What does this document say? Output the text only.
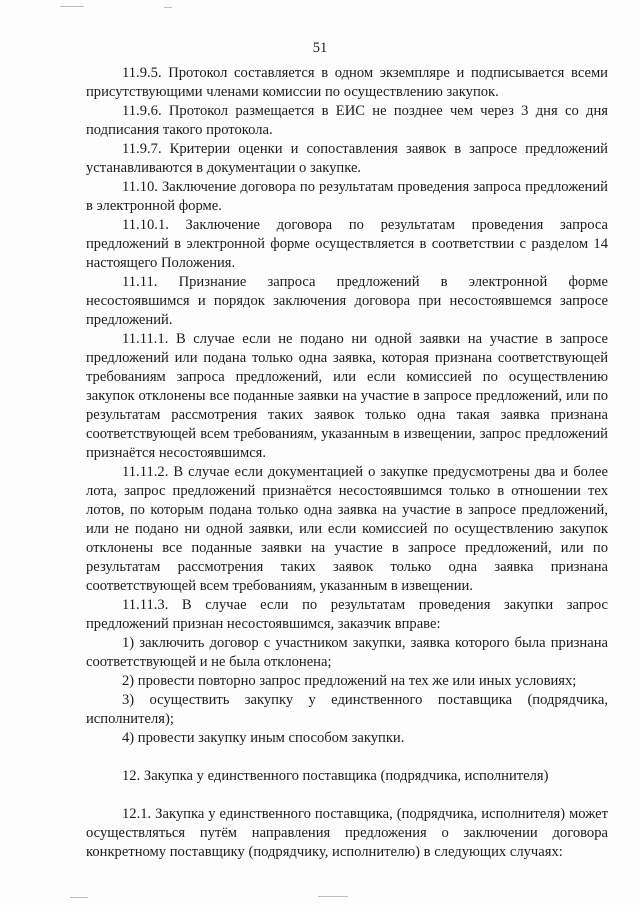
51

11.9.5. Протокол составляется в одном экземпляре и подписывается всеми присутствующими членами комиссии по осуществлению закупок.

11.9.6. Протокол размещается в ЕИС не позднее чем через 3 дня со дня подписания такого протокола.

11.9.7. Критерии оценки и сопоставления заявок в запросе предложений устанавливаются в документации о закупке.

11.10. Заключение договора по результатам проведения запроса предложений в электронной форме.

11.10.1. Заключение договора по результатам проведения запроса предложений в электронной форме осуществляется в соответствии с разделом 14 настоящего Положения.

11.11. Признание запроса предложений в электронной форме несостоявшимся и порядок заключения договора при несостоявшемся запросе предложений.

11.11.1. В случае если не подано ни одной заявки на участие в запросе предложений или подана только одна заявка, которая признана соответствующей требованиям запроса предложений, или если комиссией по осуществлению закупок отклонены все поданные заявки на участие в запросе предложений, или по результатам рассмотрения таких заявок только одна такая заявка признана соответствующей всем требованиям, указанным в извещении, запрос предложений признаётся несостоявшимся.

11.11.2. В случае если документацией о закупке предусмотрены два и более лота, запрос предложений признаётся несостоявшимся только в отношении тех лотов, по которым подана только одна заявка на участие в запросе предложений, или не подано ни одной заявки, или если комиссией по осуществлению закупок отклонены все поданные заявки на участие в запросе предложений, или по результатам рассмотрения таких заявок только одна заявка признана соответствующей всем требованиям, указанным в извещении.

11.11.3. В случае если по результатам проведения закупки запрос предложений признан несостоявшимся, заказчик вправе:

1) заключить договор с участником закупки, заявка которого была признана соответствующей и не была отклонена;

2) провести повторно запрос предложений на тех же или иных условиях;

3) осуществить закупку у единственного поставщика (подрядчика, исполнителя);

4) провести закупку иным способом закупки.

12. Закупка у единственного поставщика (подрядчика, исполнителя)

12.1. Закупка у единственного поставщика, (подрядчика, исполнителя) может осуществляться путём направления предложения о заключении договора конкретному поставщику (подрядчику, исполнителю) в следующих случаях:
